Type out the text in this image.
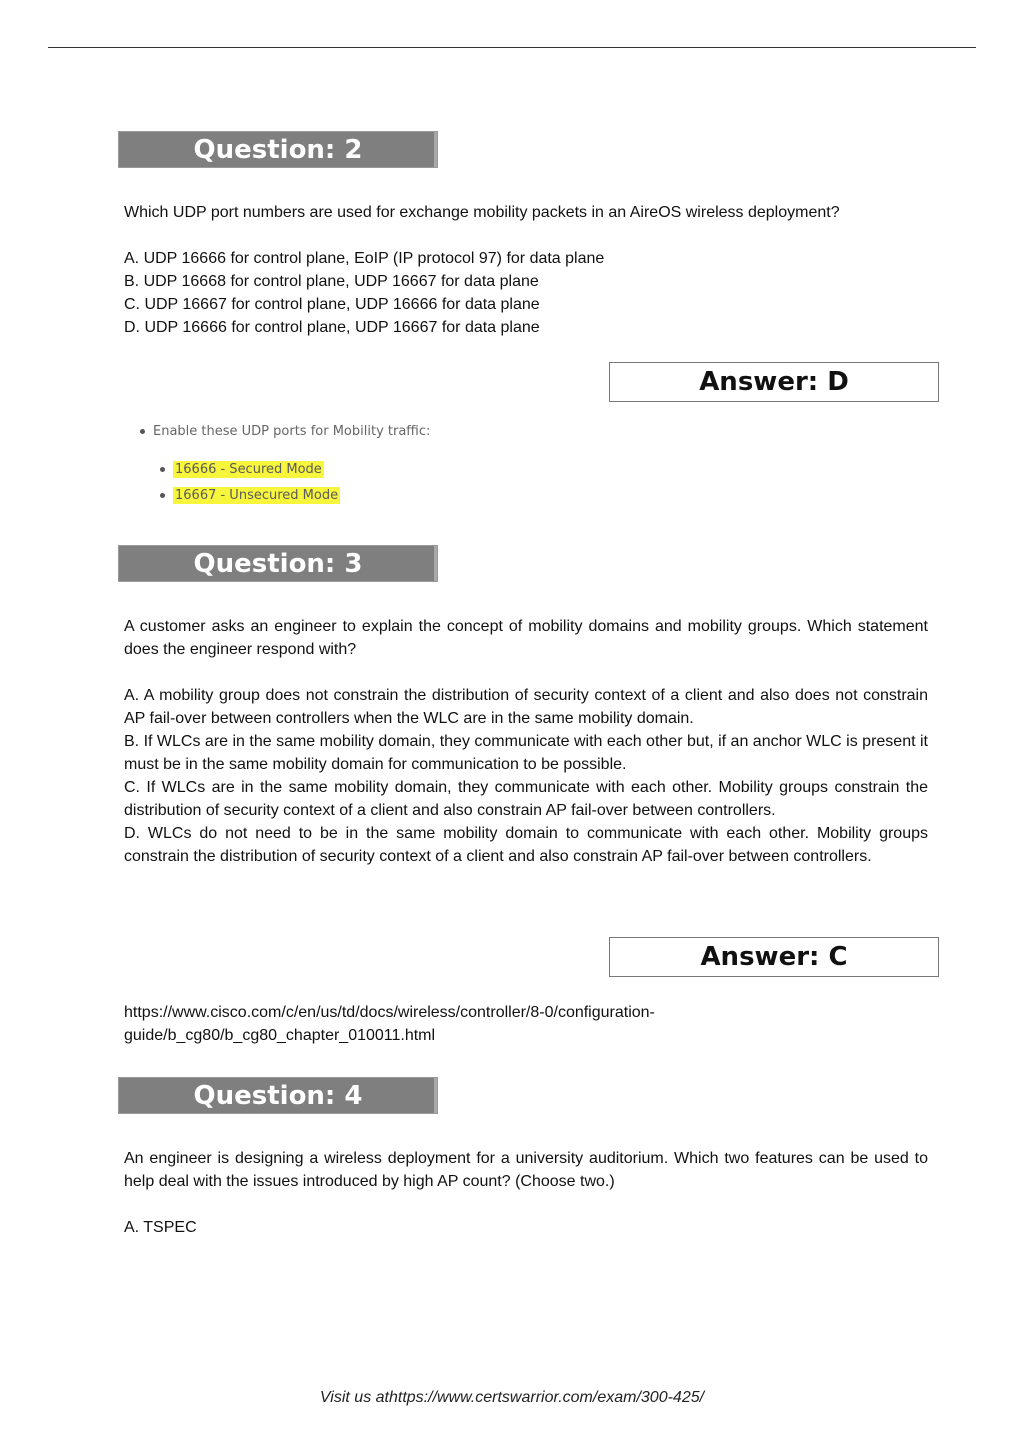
Question: 2
Which UDP port numbers are used for exchange mobility packets in an AireOS wireless deployment?
A. UDP 16666 for control plane, EoIP (IP protocol 97) for data plane
B. UDP 16668 for control plane, UDP 16667 for data plane
C. UDP 16667 for control plane, UDP 16666 for data plane
D. UDP 16666 for control plane, UDP 16667 for data plane
Answer: D
Enable these UDP ports for Mobility traffic:
16666 - Secured Mode
16667 - Unsecured Mode
Question: 3
A customer asks an engineer to explain the concept of mobility domains and mobility groups. Which statement does the engineer respond with?
A. A mobility group does not constrain the distribution of security context of a client and also does not constrain AP fail-over between controllers when the WLC are in the same mobility domain.
B. If WLCs are in the same mobility domain, they communicate with each other but, if an anchor WLC is present it must be in the same mobility domain for communication to be possible.
C. If WLCs are in the same mobility domain, they communicate with each other. Mobility groups constrain the distribution of security context of a client and also constrain AP fail-over between controllers.
D. WLCs do not need to be in the same mobility domain to communicate with each other. Mobility groups constrain the distribution of security context of a client and also constrain AP fail-over between controllers.
Answer: C
https://www.cisco.com/c/en/us/td/docs/wireless/controller/8-0/configuration-
guide/b_cg80/b_cg80_chapter_010011.html
Question: 4
An engineer is designing a wireless deployment for a university auditorium. Which two features can be used to help deal with the issues introduced by high AP count? (Choose two.)
A. TSPEC
Visit us athttps://www.certswarrior.com/exam/300-425/
